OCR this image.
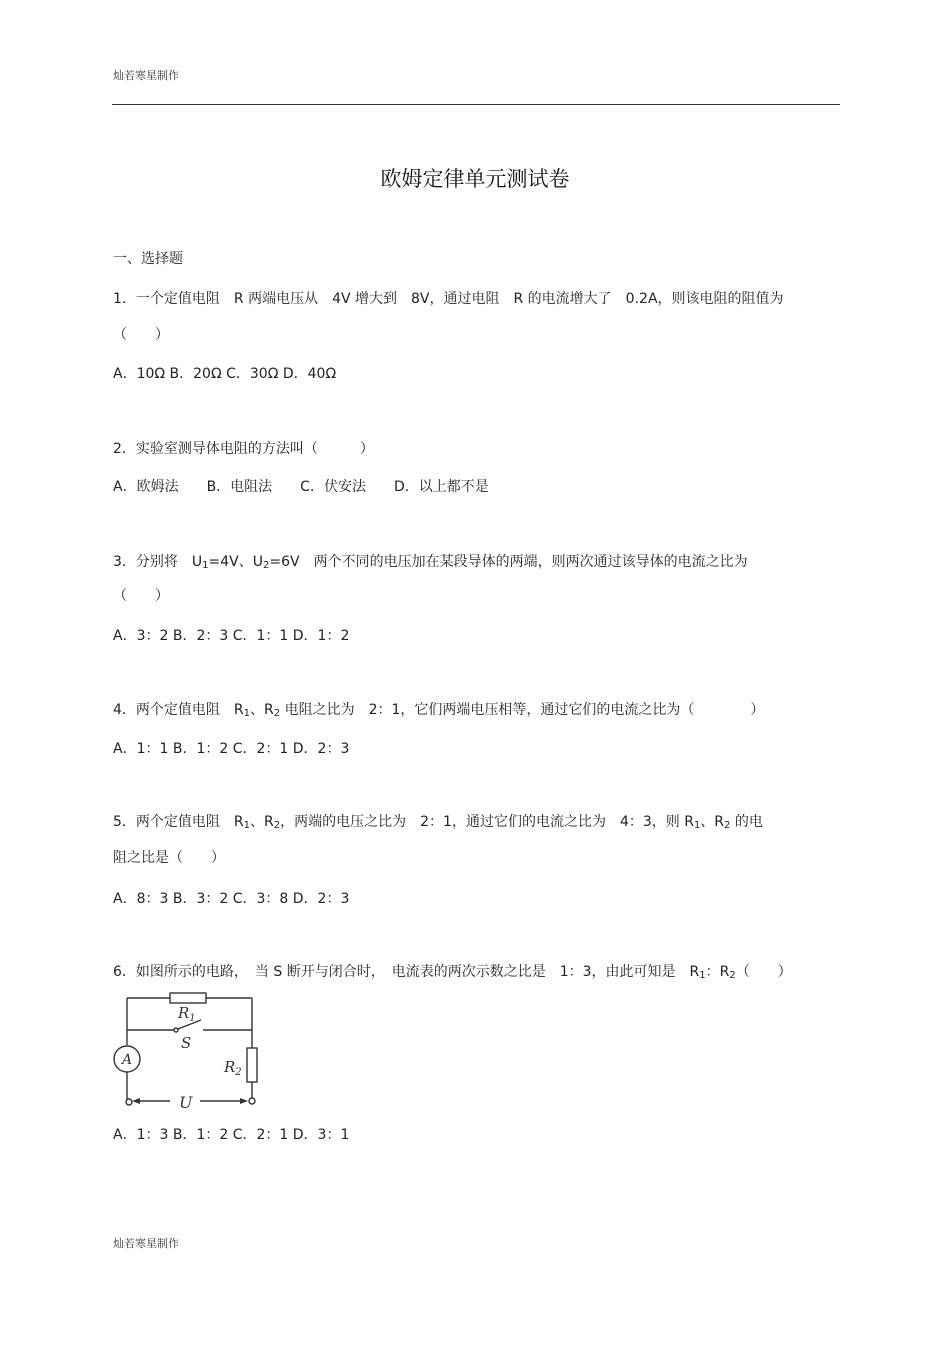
灿若寒星制作
欧姆定律单元测试卷
一、选择题
1．一个定值电阻　R 两端电压从　4V 增大到　8V，通过电阻　R 的电流增大了　0.2A，则该电阻的阻值为
（　　）
A．10Ω B．20Ω C．30Ω D．40Ω
2．实验室测导体电阻的方法叫（　　　）
A．欧姆法　　B．电阻法　　C．伏安法　　D．以上都不是
3．分别将　$U_1=4V$、$U_2=6V$　两个不同的电压加在某段导体的两端，则两次通过该导体的电流之比为
（　　）
A．3：2 B．2：3 C．1：1 D．1：2
4．两个定值电阻　$R_1$、$R_2$ 电阻之比为　2：1，它们两端电压相等，通过它们的电流之比为（　　　　）
A．1：1 B．1：2 C．2：1 D．2：3
5．两个定值电阻　$R_1$、$R_2$，两端的电压之比为　2：1，通过它们的电流之比为　4：3，则 $R_1$、$R_2$ 的电
阻之比是（　　）
A．8：3 B．3：2 C．3：8 D．2：3
6．如图所示的电路，　当 S 断开与闭合时，　电流表的两次示数之比是　1：3，由此可知是　$R_1$：$R_2$（　　）
$R_1$
S
A	$R_2$
U
A．1：3 B．1：2 C．2：1 D．3：1
灿若寒星制作
